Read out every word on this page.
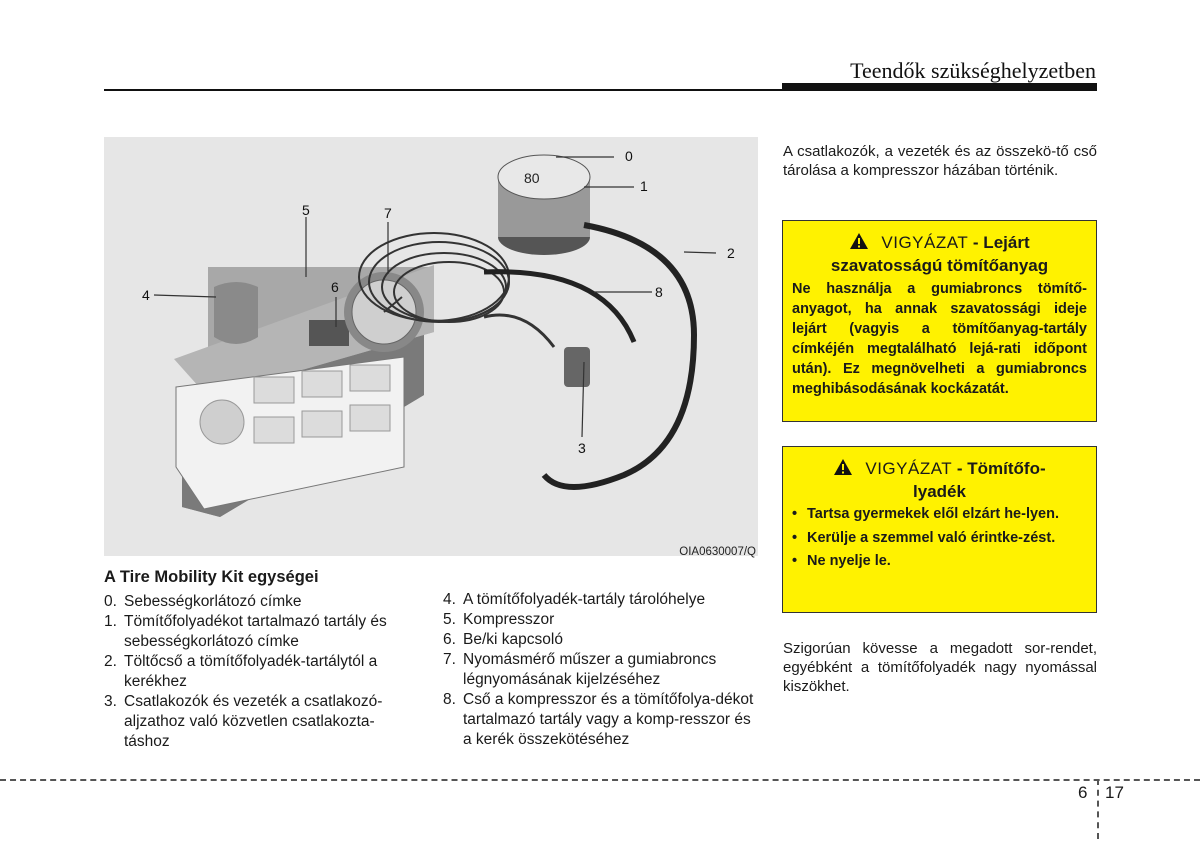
Teendők szükséghelyzetben
80
0
1
2
3
4
5
6
7
8
OIA0630007/Q
A Tire Mobility Kit egységei
0. Sebességkorlátozó címke
1. Tömítőfolyadékot tartalmazó tartály és sebességkorlátozó címke
2. Töltőcső a tömítőfolyadék-tartálytól a kerékhez
3. Csatlakozók és vezeték a csatlakozó-aljzathoz való közvetlen csatlakozta-táshoz
4. A tömítőfolyadék-tartály tárolóhelye
5. Kompresszor
6. Be/ki kapcsoló
7. Nyomásmérő műszer a gumiabroncs légnyomásának kijelzéséhez
8. Cső a kompresszor és a tömítőfolya-dékot tartalmazó tartály vagy a komp-resszor és a kerék összekötéséhez
A csatlakozók, a vezeték és az összekö-tő cső tárolása a kompresszor házában történik.
VIGYÁZAT - Lejárt
szavatosságú tömítőanyag
Ne használja a gumiabroncs tömítő-anyagot, ha annak szavatossági ideje lejárt (vagyis a tömítőanyag-tartály címkéjén megtalálható lejá-rati időpont után). Ez megnövelheti a gumiabroncs meghibásodásának kockázatát.
VIGYÁZAT - Tömítőfo-
lyadék
• Tartsa gyermekek elől elzárt he-lyen.
• Kerülje a szemmel való érintke-zést.
• Ne nyelje le.
Szigorúan kövesse a megadott sor-rendet, egyébként a tömítőfolyadék nagy nyomással kiszökhet.
6 17
